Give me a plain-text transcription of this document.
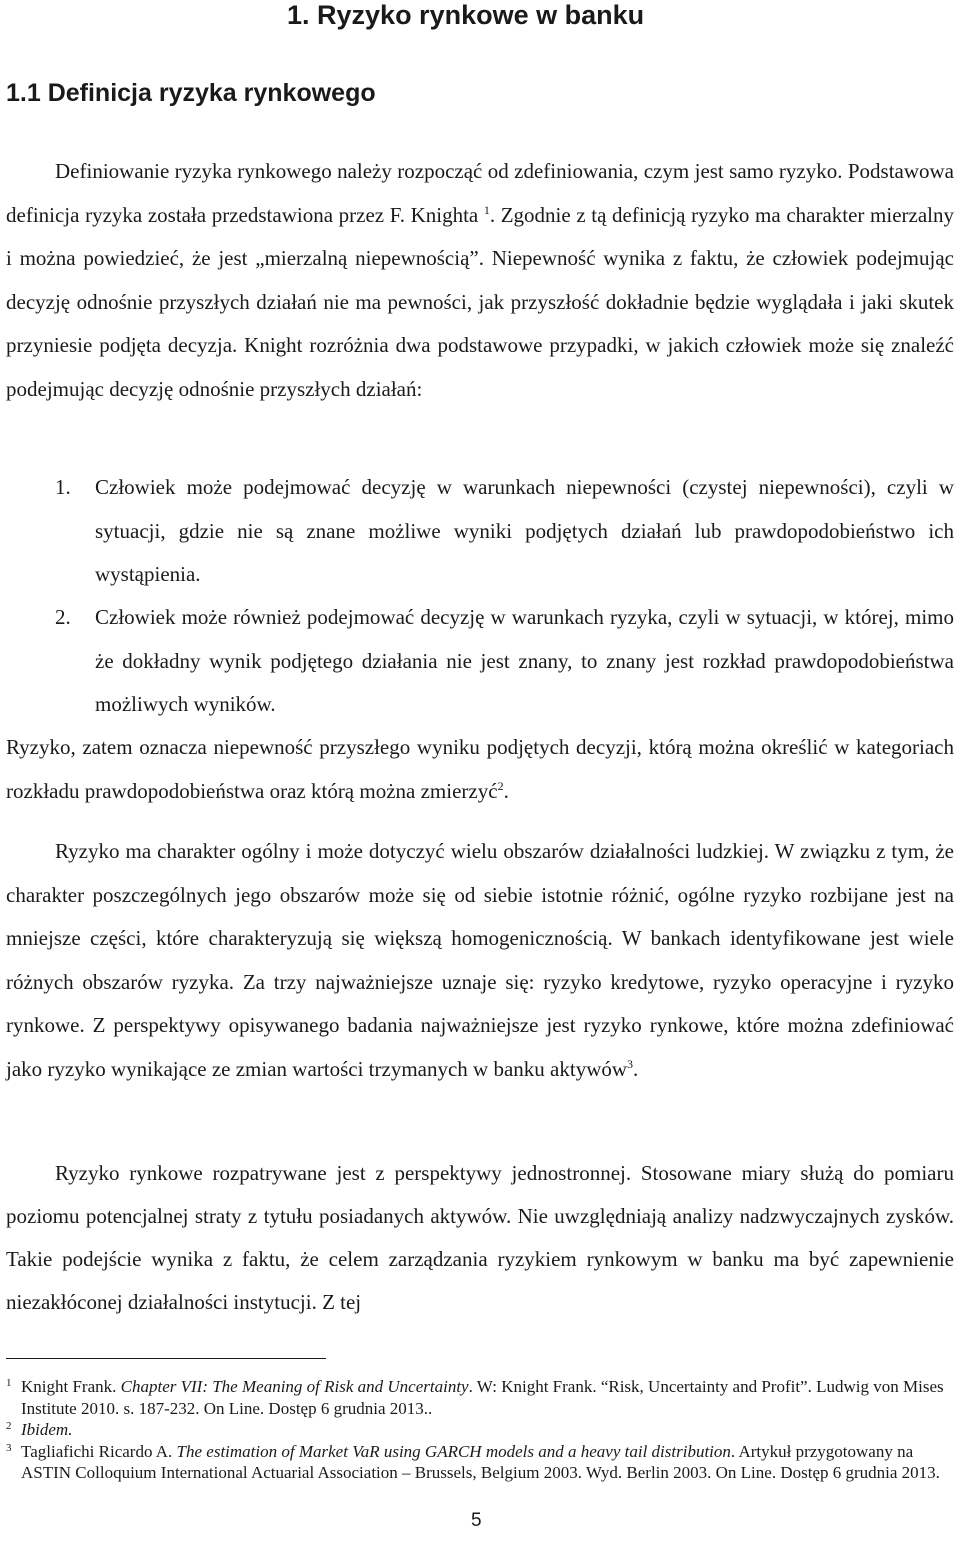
1. Ryzyko rynkowe w banku
1.1 Definicja ryzyka rynkowego

Definiowanie ryzyka rynkowego należy rozpocząć od zdefiniowania, czym jest samo ryzyko. Podstawowa definicja ryzyka została przedstawiona przez F. Knighta $^1$. Zgodnie z tą definicją ryzyko ma charakter mierzalny i można powiedzieć, że jest „mierzalną niepewnością”. Niepewność wynika z faktu, że człowiek podejmując decyzję odnośnie przyszłych działań nie ma pewności, jak przyszłość dokładnie będzie wyglądała i jaki skutek przyniesie podjęta decyzja. Knight rozróżnia dwa podstawowe przypadki, w jakich człowiek może się znaleźć podejmując decyzję odnośnie przyszłych działań:

1. Człowiek może podejmować decyzję w warunkach niepewności (czystej niepewności), czyli w sytuacji, gdzie nie są znane możliwe wyniki podjętych działań lub prawdopodobieństwo ich wystąpienia.
2. Człowiek może również podejmować decyzję w warunkach ryzyka, czyli w sytuacji, w której, mimo że dokładny wynik podjętego działania nie jest znany, to znany jest rozkład prawdopodobieństwa możliwych wyników.

Ryzyko, zatem oznacza niepewność przyszłego wyniku podjętych decyzji, którą można określić w kategoriach rozkładu prawdopodobieństwa oraz którą można zmierzyć$^2$.

Ryzyko ma charakter ogólny i może dotyczyć wielu obszarów działalności ludzkiej. W związku z tym, że charakter poszczególnych jego obszarów może się od siebie istotnie różnić, ogólne ryzyko rozbijane jest na mniejsze części, które charakteryzują się większą homogenicznością. W bankach identyfikowane jest wiele różnych obszarów ryzyka. Za trzy najważniejsze uznaje się: ryzyko kredytowe, ryzyko operacyjne i ryzyko rynkowe. Z perspektywy opisywanego badania najważniejsze jest ryzyko rynkowe, które można zdefiniować jako ryzyko wynikające ze zmian wartości trzymanych w banku aktywów$^3$.

Ryzyko rynkowe rozpatrywane jest z perspektywy jednostronnej. Stosowane miary służą do pomiaru poziomu potencjalnej straty z tytułu posiadanych aktywów. Nie uwzględniają analizy nadzwyczajnych zysków. Takie podejście wynika z faktu, że celem zarządzania ryzykiem rynkowym w banku ma być zapewnienie niezakłóconej działalności instytucji. Z tej

1 Knight Frank. Chapter VII: The Meaning of Risk and Uncertainty. W: Knight Frank. “Risk, Uncertainty and Profit”. Ludwig von Mises Institute 2010. s. 187-232. On Line. Dostęp 6 grudnia 2013..

2 Ibidem.

3 Tagliafichi Ricardo A. The estimation of Market VaR using GARCH models and a heavy tail distribution. Artykuł przygotowany na ASTIN Colloquium International Actuarial Association – Brussels, Belgium 2003. Wyd. Berlin 2003. On Line. Dostęp 6 grudnia 2013.

5
